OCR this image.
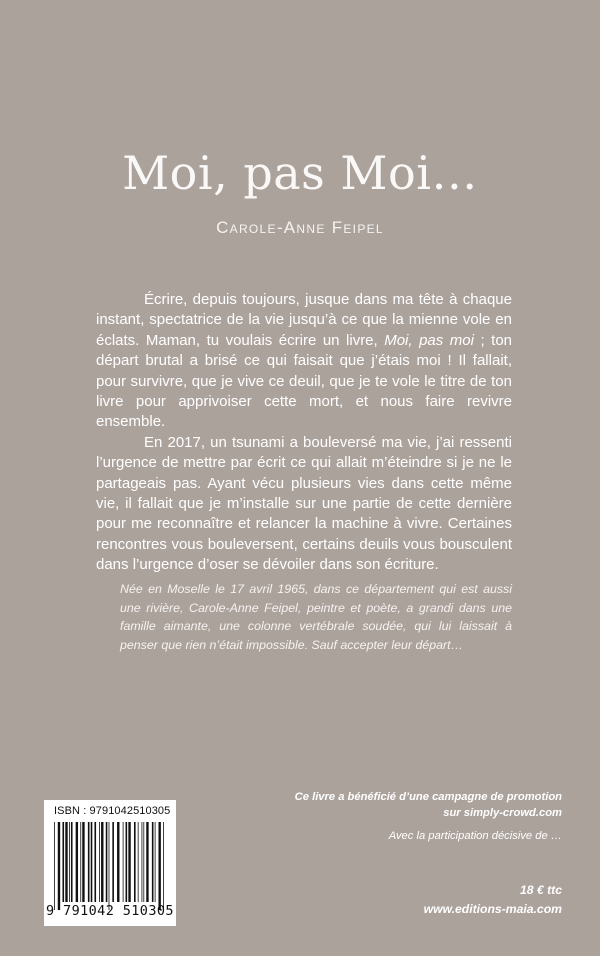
Moi, pas Moi…
Carole-Anne Feipel

Écrire, depuis toujours, jusque dans ma tête à chaque instant, spectatrice de la vie jusqu’à ce que la mienne vole en éclats. Maman, tu voulais écrire un livre, Moi, pas moi ; ton départ brutal a brisé ce qui faisait que j’étais moi ! Il fallait, pour survivre, que je vive ce deuil, que je te vole le titre de ton livre pour apprivoiser cette mort, et nous faire revivre ensemble.

En 2017, un tsunami a bouleversé ma vie, j’ai ressenti l’urgence de mettre par écrit ce qui allait m’éteindre si je ne le partageais pas. Ayant vécu plusieurs vies dans cette même vie, il fallait que je m’installe sur une partie de cette dernière pour me reconnaître et relancer la machine à vivre. Certaines rencontres vous bouleversent, certains deuils vous bousculent dans l’urgence d’oser se dévoiler dans son écriture.

Née en Moselle le 17 avril 1965, dans ce département qui est aussi une rivière, Carole-Anne Feipel, peintre et poète, a grandi dans une famille aimante, une colonne vertébrale soudée, qui lui laissait à penser que rien n’était impossible. Sauf accepter leur départ…
ISBN : 9791042510305
9 791042 510305
Ce livre a bénéficié d’une campagne de promotion
sur simply-crowd.com
Avec la participation décisive de …
18 € ttc
www.editions-maia.com
